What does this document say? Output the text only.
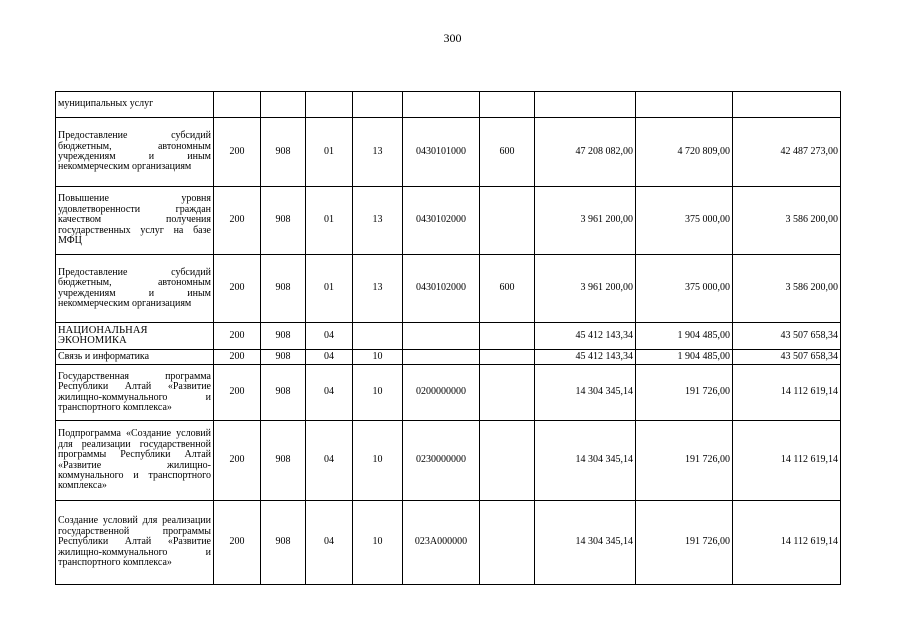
300
муниципальных услуг									
Предоставление субсидий бюджетным, автономным учреждениям и иным некоммерческим организациям	200	908	01	13	0430101000	600	47 208 082,00	4 720 809,00	42 487 273,00
Повышение уровня удовлетворенности граждан качеством получения государственных услуг на базе МФЦ	200	908	01	13	0430102000		3 961 200,00	375 000,00	3 586 200,00
Предоставление субсидий бюджетным, автономным учреждениям и иным некоммерческим организациям	200	908	01	13	0430102000	600	3 961 200,00	375 000,00	3 586 200,00
НАЦИОНАЛЬНАЯ ЭКОНОМИКА	200	908	04				45 412 143,34	1 904 485,00	43 507 658,34
Связь и информатика	200	908	04	10			45 412 143,34	1 904 485,00	43 507 658,34
Государственная программа Республики Алтай «Развитие жилищно-коммунального и транспортного комплекса»	200	908	04	10	0200000000		14 304 345,14	191 726,00	14 112 619,14
Подпрограмма «Создание условий для реализации государственной программы Республики Алтай «Развитие жилищно-коммунального и транспортного комплекса»	200	908	04	10	0230000000		14 304 345,14	191 726,00	14 112 619,14
Создание условий для реализации государственной программы Республики Алтай «Развитие жилищно-коммунального и транспортного комплекса»	200	908	04	10	023А000000		14 304 345,14	191 726,00	14 112 619,14
